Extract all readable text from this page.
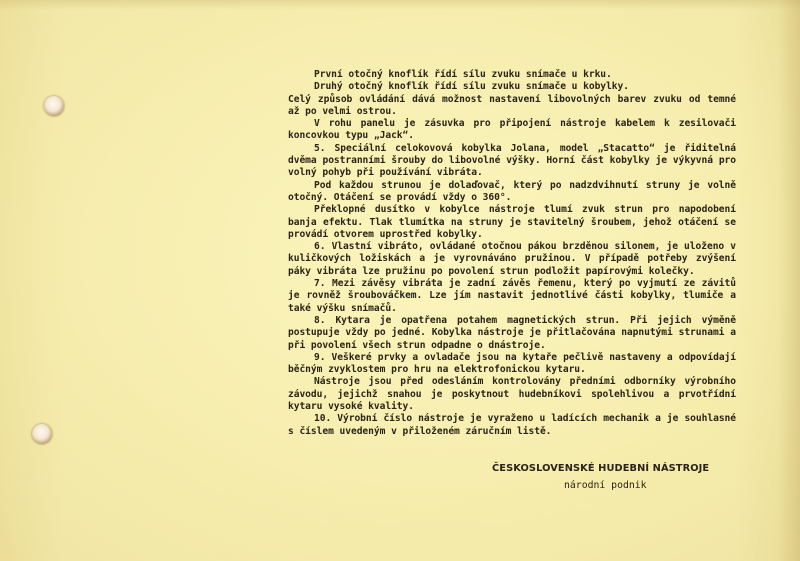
První otočný knoflík řídí sílu zvuku snímače u krku.

Druhý otočný knoflík řídí sílu zvuku snímače u kobylky.

Celý způsob ovládání dává možnost nastavení libovolných barev zvuku od temné až po velmi ostrou.

V rohu panelu je zásuvka pro připojení nástroje kabelem k zesilovači koncovkou typu „Jack“.

5. Speciální celokovová kobylka Jolana, model „Stacatto“ je řiditelná dvěma postranními šrouby do libovolné výšky. Horní část kobylky je výkyvná pro volný pohyb při používání vibráta.

Pod každou strunou je dolaďovač, který po nadzdvihnutí struny je volně otočný. Otáčení se provádí vždy o 360°.

Překlopné dusítko v kobylce nástroje tlumí zvuk strun pro napodobení banja efektu. Tlak tlumítka na struny je stavitelný šroubem, jehož otáčení se provádí otvorem uprostřed kobylky.

6. Vlastní vibráto, ovládané otočnou pákou brzděnou silonem, je uloženo v kuličkových ložiskách a je vyrovnáváno pružinou. V případě potřeby zvýšení páky vibráta lze pružinu po povolení strun podložit papírovými kolečky.

7. Mezi závěsy vibráta je zadní závěs řemenu, který po vyjmutí ze závitů je rovněž šroubováčkem. Lze jím nastavit jednotlivé části kobylky, tlumiče a také výšku snímačů.

8. Kytara je opatřena potahem magnetických strun. Při jejich výměně postupuje vždy po jedné. Kobylka nástroje je přitlačována napnutými strunami a při povolení všech strun odpadne o dnástroje.

9. Veškeré prvky a ovladače jsou na kytaře pečlivě nastaveny a odpovídají běčným zvyklostem pro hru na elektrofonickou kytaru.

Nástroje jsou před odesláním kontrolovány předními odborníky výrobního závodu, jejichž snahou je poskytnout hudebníkovi spolehlivou a prvotřídní kytaru vysoké kvality.

10. Výrobní číslo nástroje je vyraženo u ladících mechanik a je souhlasné s číslem uvedeným v přiloženém záručním listě.

ČESKOSLOVENSKÉ HUDEBNÍ NÁSTROJE
národní podnik
